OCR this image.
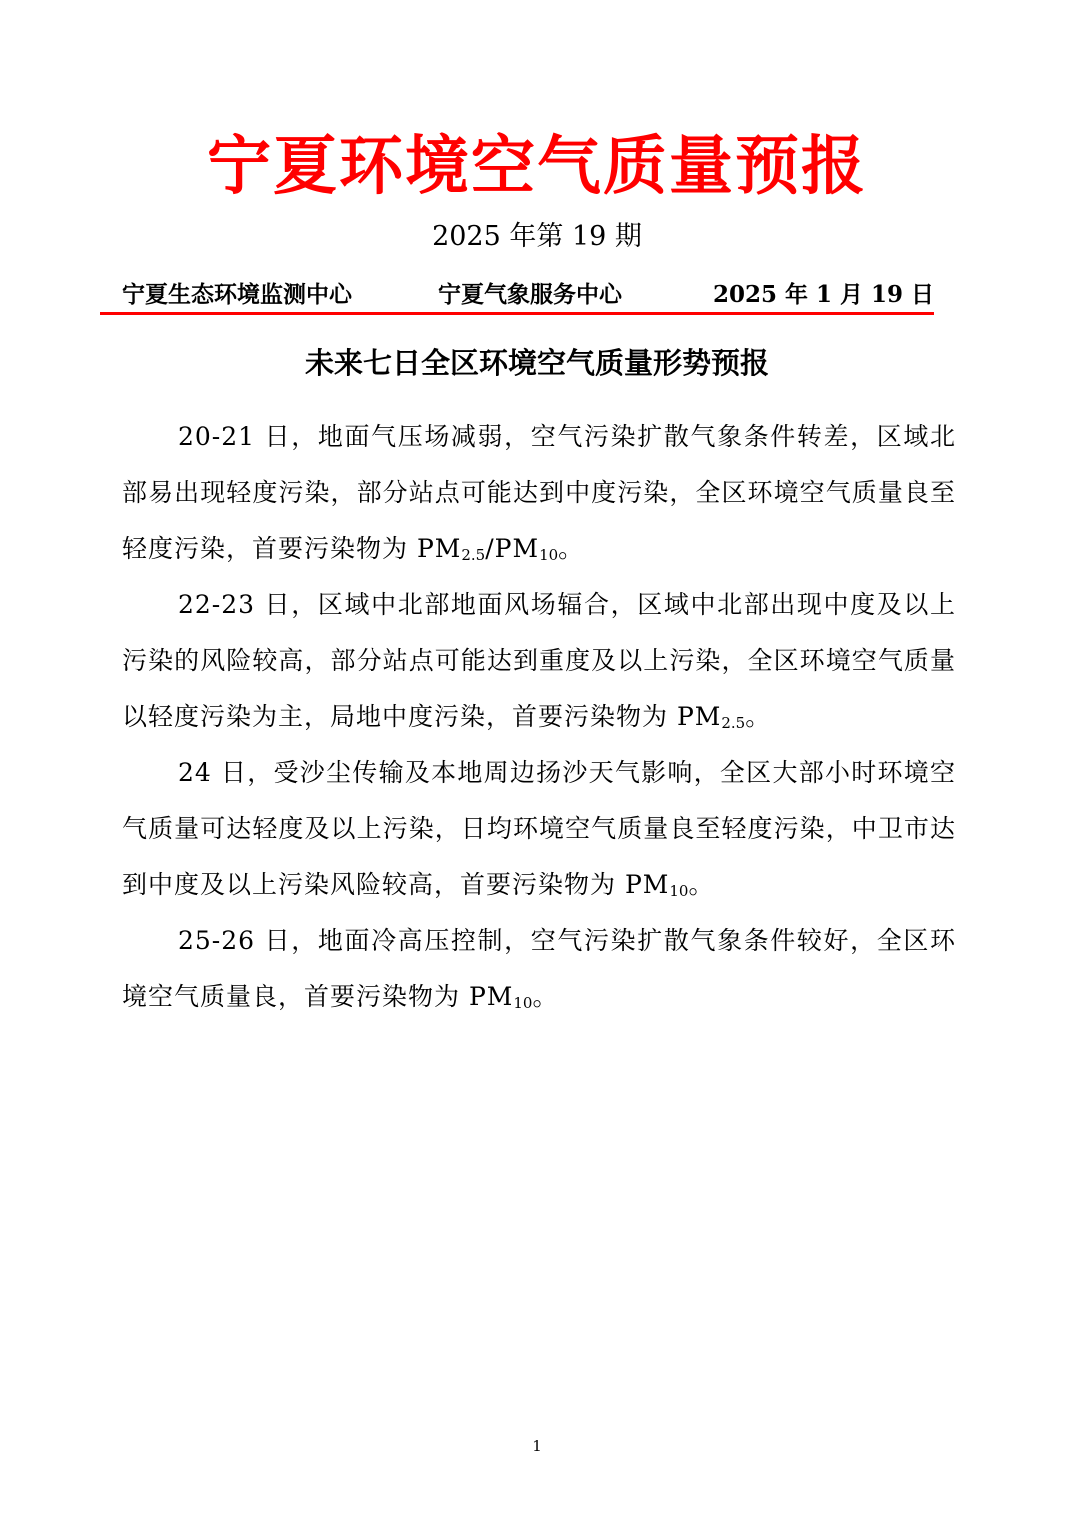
宁夏环境空气质量预报
2025 年第 19 期
宁夏生态环境监测中心	宁夏气象服务中心	2025 年 1 月 19 日
未来七日全区环境空气质量形势预报

20-21 日，地面气压场减弱，空气污染扩散气象条件转差，区域北部易出现轻度污染，部分站点可能达到中度污染，全区环境空气质量良至轻度污染，首要污染物为 $PM_{2.5}/PM_{10}$。

22-23 日，区域中北部地面风场辐合，区域中北部出现中度及以上污染的风险较高，部分站点可能达到重度及以上污染，全区环境空气质量以轻度污染为主，局地中度污染，首要污染物为 $PM_{2.5}$。

24 日，受沙尘传输及本地周边扬沙天气影响，全区大部小时环境空气质量可达轻度及以上污染，日均环境空气质量良至轻度污染，中卫市达到中度及以上污染风险较高，首要污染物为 $PM_{10}$。

25-26 日，地面冷高压控制，空气污染扩散气象条件较好，全区环境空气质量良，首要污染物为 $PM_{10}$。

1
